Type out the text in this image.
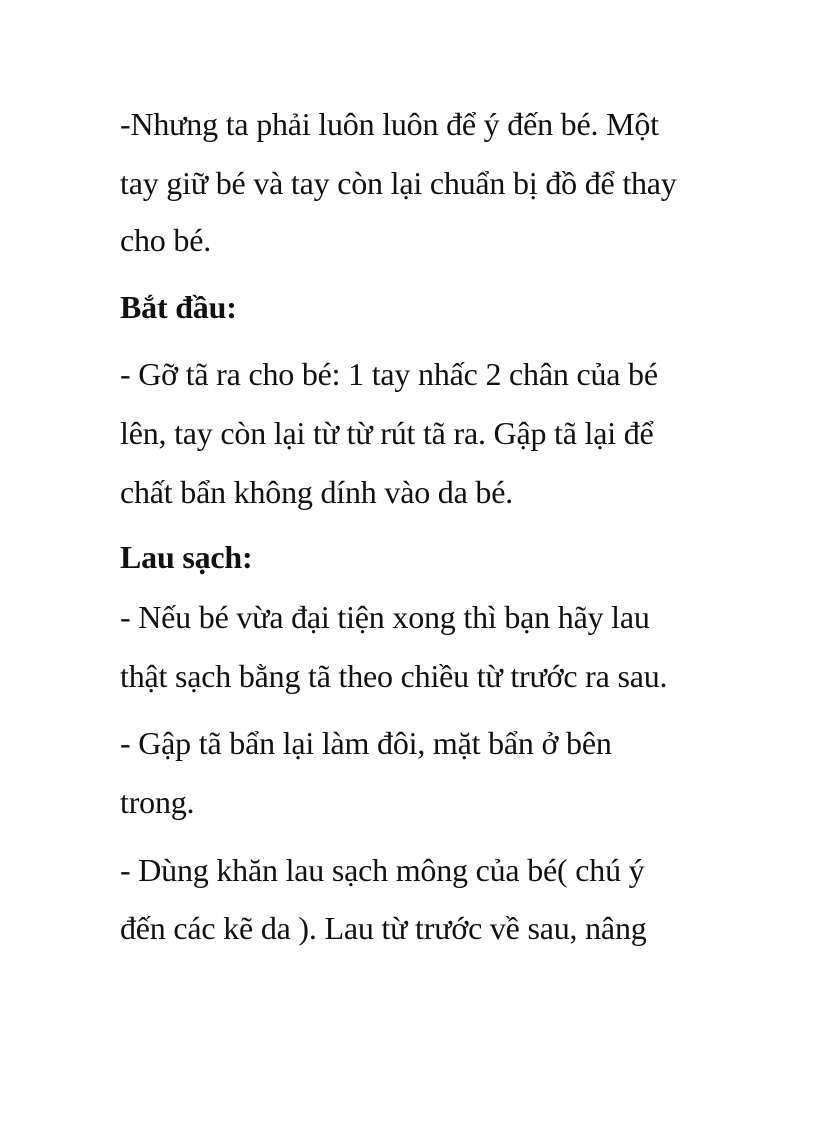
-Nhưng ta phải luôn luôn để ý đến bé. Một
tay giữ bé và tay còn lại chuẩn bị đồ để thay
cho bé.
Bắt đầu:
- Gỡ tã ra cho bé: 1 tay nhấc 2 chân của bé
lên, tay còn lại từ từ rút tã ra. Gập tã lại để
chất bẩn không dính vào da bé.
Lau sạch:
- Nếu bé vừa đại tiện xong thì bạn hãy lau
thật sạch bằng tã theo chiều từ trước ra sau.
- Gập tã bẩn lại làm đôi, mặt bẩn ở bên
trong.
- Dùng khăn lau sạch mông của bé( chú ý
đến các kẽ da ). Lau từ trước về sau, nâng
